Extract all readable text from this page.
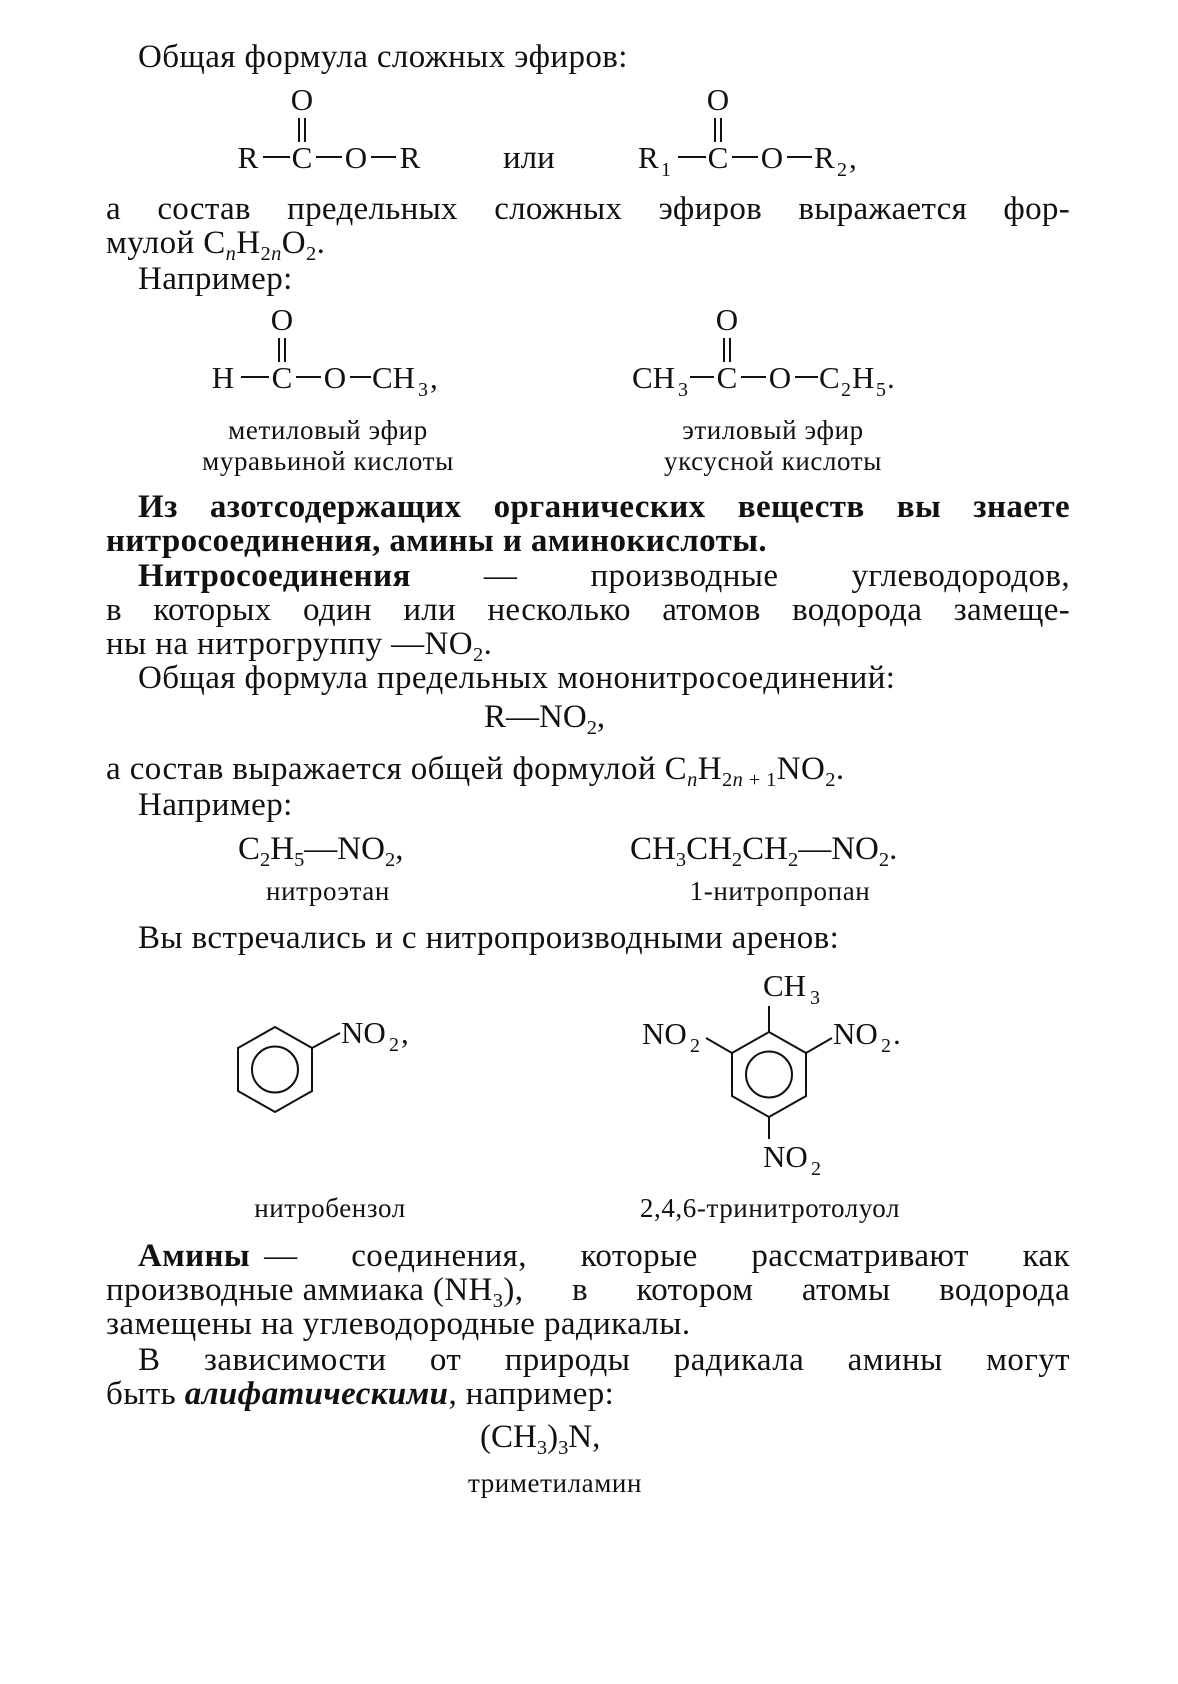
Общая формула сложных эфиров:
O
R C O R	или
O
R 1 C O R 2 ,
а состав предельных сложных эфиров выражается фор-
мулой $C_nH_{2n}O_2$.
Например:
O
H C O CH 3 ,
O
CH 3 C O C 2 H 5 .
метиловый эфир
муравьиной кислоты
этиловый эфир
уксусной кислоты
Из азотсодержащих органических веществ вы знаете
нитросоединения, амины и аминокислоты.
Нитросоединения — производные углеводородов,
в которых один или несколько атомов водорода замеще-
ны на нитрогруппу $—NO_2$.
Общая формула предельных мононитросоединений:
$R—NO_2$,
а состав выражается общей формулой $C_nH_{2n + 1}NO_2$.
Например:
$C_2H_5—NO_2$,	$CH_3CH_2CH_2—NO_2$.
нитроэтан	1-нитропропан
Вы встречались и с нитропроизводными аренов:
NO 2 ,
CH 3
NO 2	NO 2 .
NO 2
нитробензол	2,4,6-тринитротолуол
Амины — соединения, которые рассматривают как
производные аммиака ($NH_3$ ), в котором атомы водорода
замещены на углеводородные радикалы.
В зависимости от природы радикала амины могут
быть алифатическими, например:
$(CH_3)_3N$,
триметиламин
